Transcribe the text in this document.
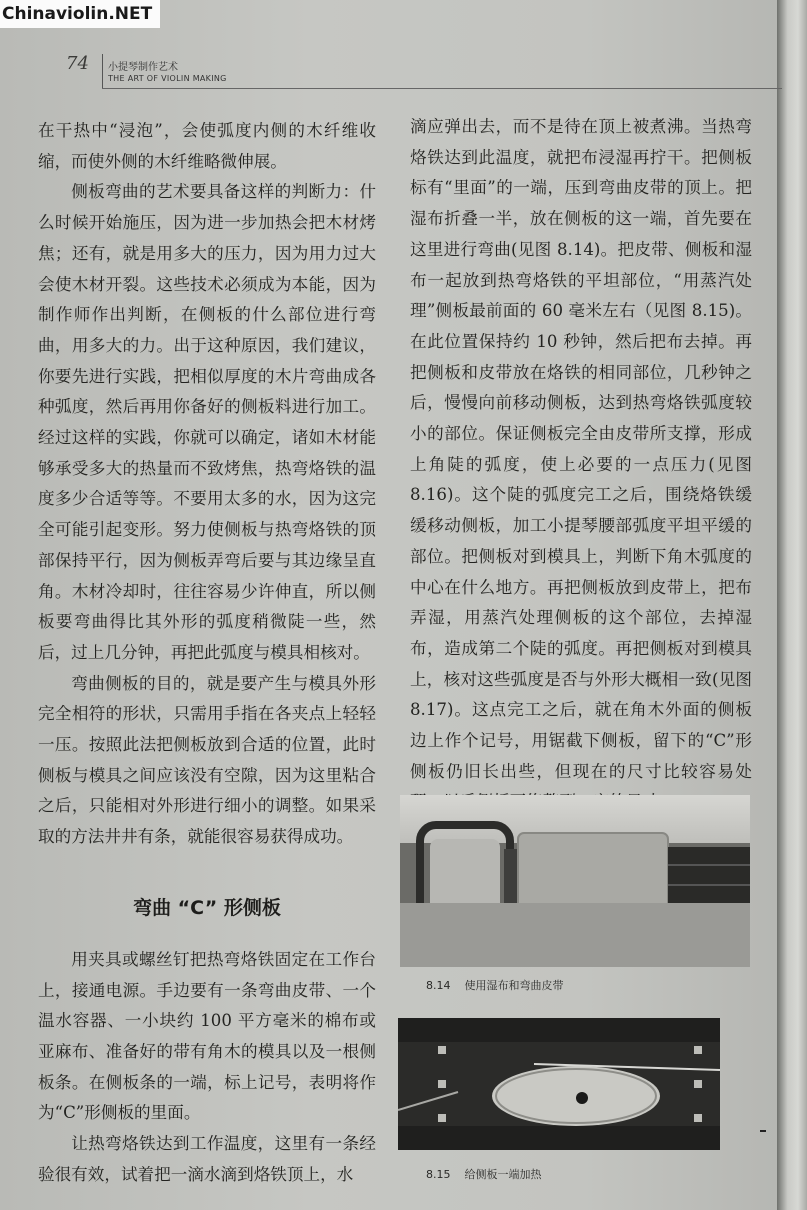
Chinaviolin.NET
74 小提琴制作艺术
THE ART OF VIOLIN MAKING

在干热中“浸泡”，会使弧度内侧的木纤维收缩，而使外侧的木纤维略微伸展。

侧板弯曲的艺术要具备这样的判断力：什么时候开始施压，因为进一步加热会把木材烤焦；还有，就是用多大的压力，因为用力过大会使木材开裂。这些技术必须成为本能，因为制作师作出判断，在侧板的什么部位进行弯曲，用多大的力。出于这种原因，我们建议，你要先进行实践，把相似厚度的木片弯曲成各种弧度，然后再用你备好的侧板料进行加工。经过这样的实践，你就可以确定，诸如木材能够承受多大的热量而不致烤焦，热弯烙铁的温度多少合适等等。不要用太多的水，因为这完全可能引起变形。努力使侧板与热弯烙铁的顶部保持平行，因为侧板弄弯后要与其边缘呈直角。木材冷却时，往往容易少许伸直，所以侧板要弯曲得比其外形的弧度稍微陡一些，然后，过上几分钟，再把此弧度与模具相核对。

弯曲侧板的目的，就是要产生与模具外形完全相符的形状，只需用手指在各夹点上轻轻一压。按照此法把侧板放到合适的位置，此时侧板与模具之间应该没有空隙，因为这里粘合之后，只能相对外形进行细小的调整。如果采取的方法井井有条，就能很容易获得成功。

弯曲 “C” 形侧板

用夹具或螺丝钉把热弯烙铁固定在工作台上，接通电源。手边要有一条弯曲皮带、一个温水容器、一小块约 100 平方毫米的棉布或亚麻布、准备好的带有角木的模具以及一根侧板条。在侧板条的一端，标上记号，表明将作为“C”形侧板的里面。

让热弯烙铁达到工作温度，这里有一条经验很有效，试着把一滴水滴到烙铁顶上，水

滴应弹出去，而不是待在顶上被煮沸。当热弯烙铁达到此温度，就把布浸湿再拧干。把侧板标有“里面”的一端，压到弯曲皮带的顶上。把湿布折叠一半，放在侧板的这一端，首先要在这里进行弯曲(见图 8.14)。把皮带、侧板和湿布一起放到热弯烙铁的平坦部位，“用蒸汽处理”侧板最前面的 60 毫米左右（见图 8.15)。在此位置保持约 10 秒钟，然后把布去掉。再把侧板和皮带放在烙铁的相同部位，几秒钟之后，慢慢向前移动侧板，达到热弯烙铁弧度较小的部位。保证侧板完全由皮带所支撑，形成上角陡的弧度，使上必要的一点压力(见图 8.16)。这个陡的弧度完工之后，围绕烙铁缓缓移动侧板，加工小提琴腰部弧度平坦平缓的部位。把侧板对到模具上，判断下角木弧度的中心在什么地方。再把侧板放到皮带上，把布弄湿，用蒸汽处理侧板的这个部位，去掉湿布，造成第二个陡的弧度。再把侧板对到模具上，核对这些弧度是否与外形大概相一致(见图 8.17)。这点完工之后，就在角木外面的侧板边上作个记号，用锯截下侧板，留下的“C”形侧板仍旧长出些，但现在的尺寸比较容易处

8.14 使用湿布和弯曲皮带
8.15 给侧板一端加热
